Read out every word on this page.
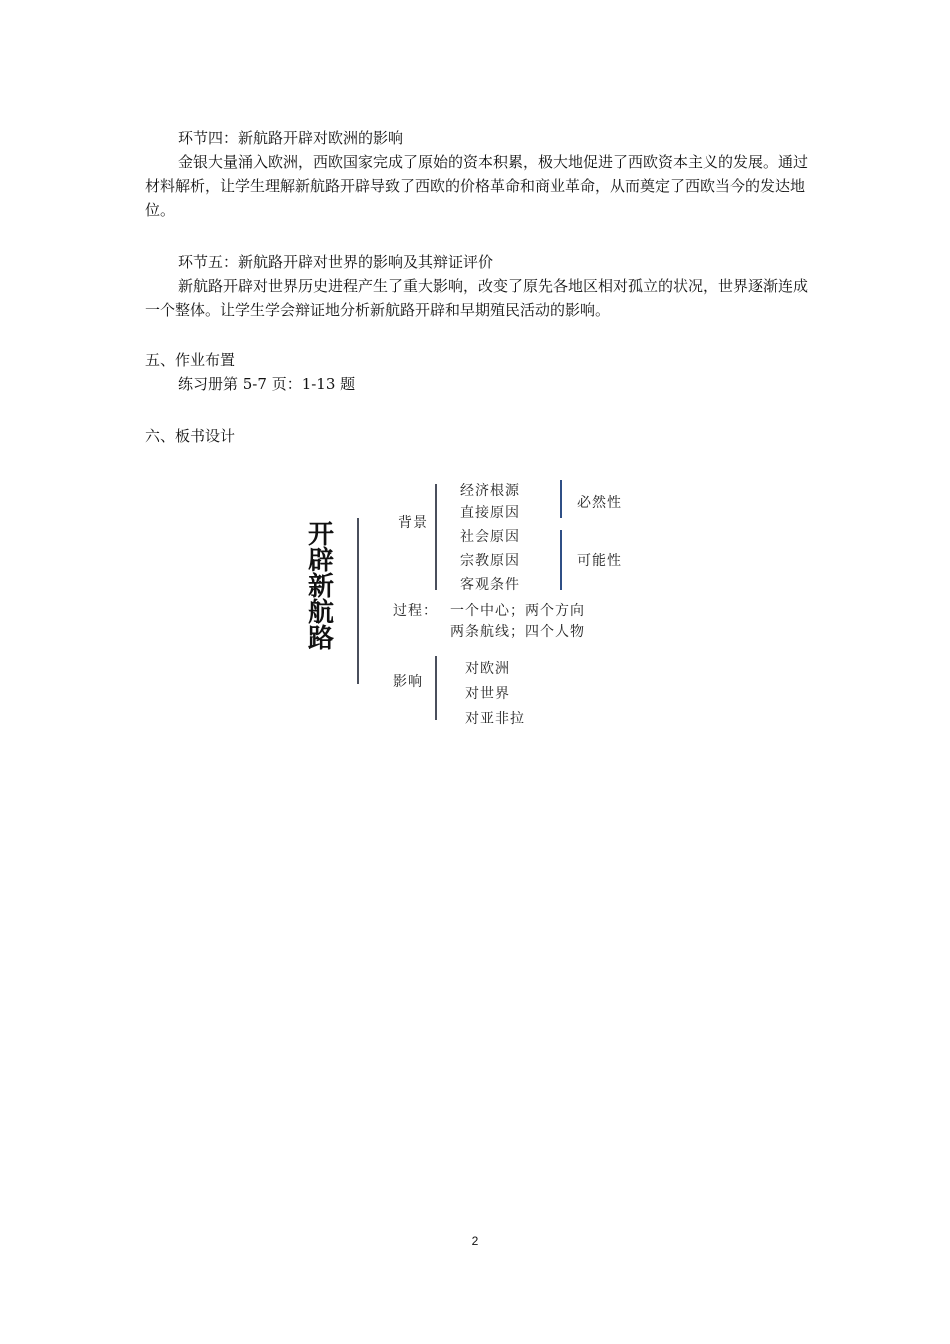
环节四：新航路开辟对欧洲的影响
金银大量涌入欧洲，西欧国家完成了原始的资本积累，极大地促进了西欧资本主义的发展。通过材料解析，让学生理解新航路开辟导致了西欧的价格革命和商业革命，从而奠定了西欧当今的发达地位。
环节五：新航路开辟对世界的影响及其辩证评价
新航路开辟对世界历史进程产生了重大影响，改变了原先各地区相对孤立的状况，世界逐渐连成一个整体。让学生学会辩证地分析新航路开辟和早期殖民活动的影响。
五、作业布置
练习册第 5-7 页：1-13 题
六、板书设计
开辟新航路
背景
经济根源
直接原因
社会原因
宗教原因
客观条件
必然性
可能性
过程： 一个中心；两个方向
两条航线；四个人物
影响
对欧洲
对世界
对亚非拉
2
